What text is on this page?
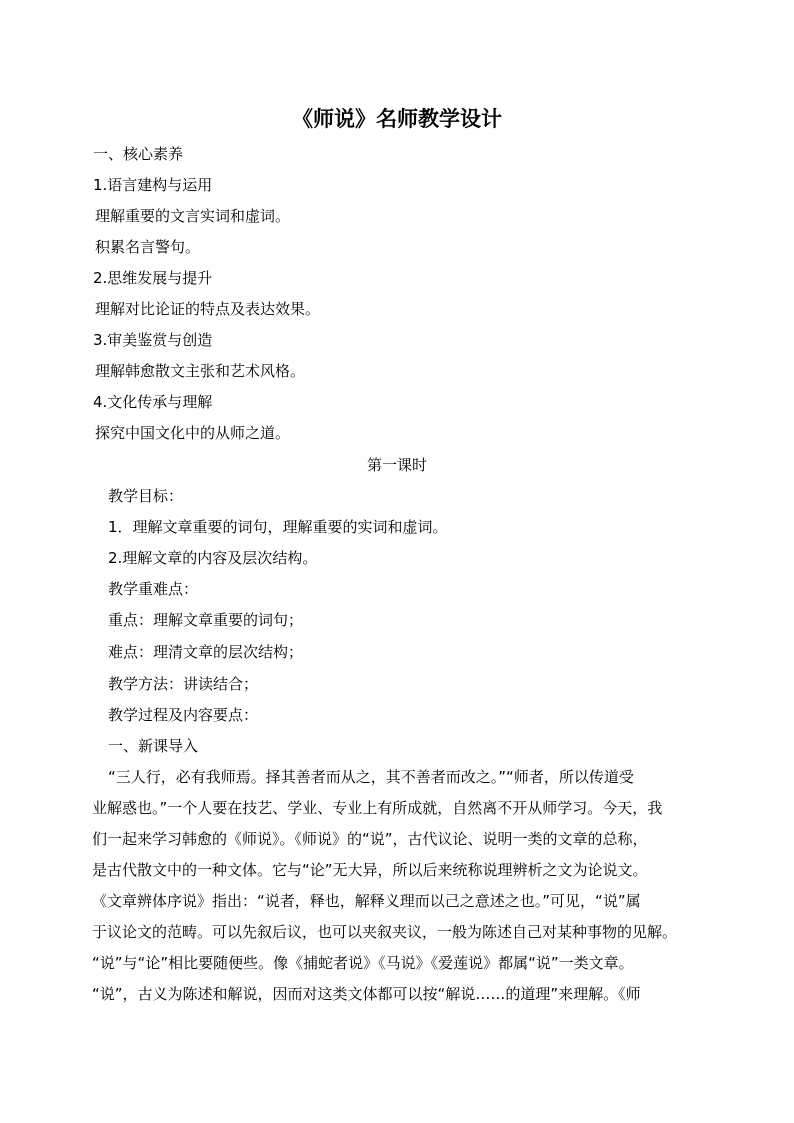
《师说》名师教学设计
一、核心素养
1.语言建构与运用
理解重要的文言实词和虚词。
积累名言警句。
2.思维发展与提升
理解对比论证的特点及表达效果。
3.审美鉴赏与创造
理解韩愈散文主张和艺术风格。
4.文化传承与理解
探究中国文化中的从师之道。
第一课时
教学目标：
1．理解文章重要的词句，理解重要的实词和虚词。
2.理解文章的内容及层次结构。
教学重难点：
重点：理解文章重要的词句；
难点：理清文章的层次结构；
教学方法：讲读结合；
教学过程及内容要点：
一、新课导入
“三人行，必有我师焉。择其善者而从之，其不善者而改之。”“师者，所以传道受
业解惑也。”一个人要在技艺、学业、专业上有所成就，自然离不开从师学习。今天，我
们一起来学习韩愈的《师说》。《师说》的“说”，古代议论、说明一类的文章的总称，
是古代散文中的一种文体。它与“论”无大异，所以后来统称说理辨析之文为论说文。
《文章辨体序说》指出：“说者，释也，解释义理而以己之意述之也。”可见，“说”属
于议论文的范畴。可以先叙后议，也可以夹叙夹议，一般为陈述自己对某种事物的见解。
“说”与“论”相比要随便些。像《捕蛇者说》《马说》《爱莲说》都属“说”一类文章。
“说”，古义为陈述和解说，因而对这类文体都可以按“解说……的道理”来理解。《师
